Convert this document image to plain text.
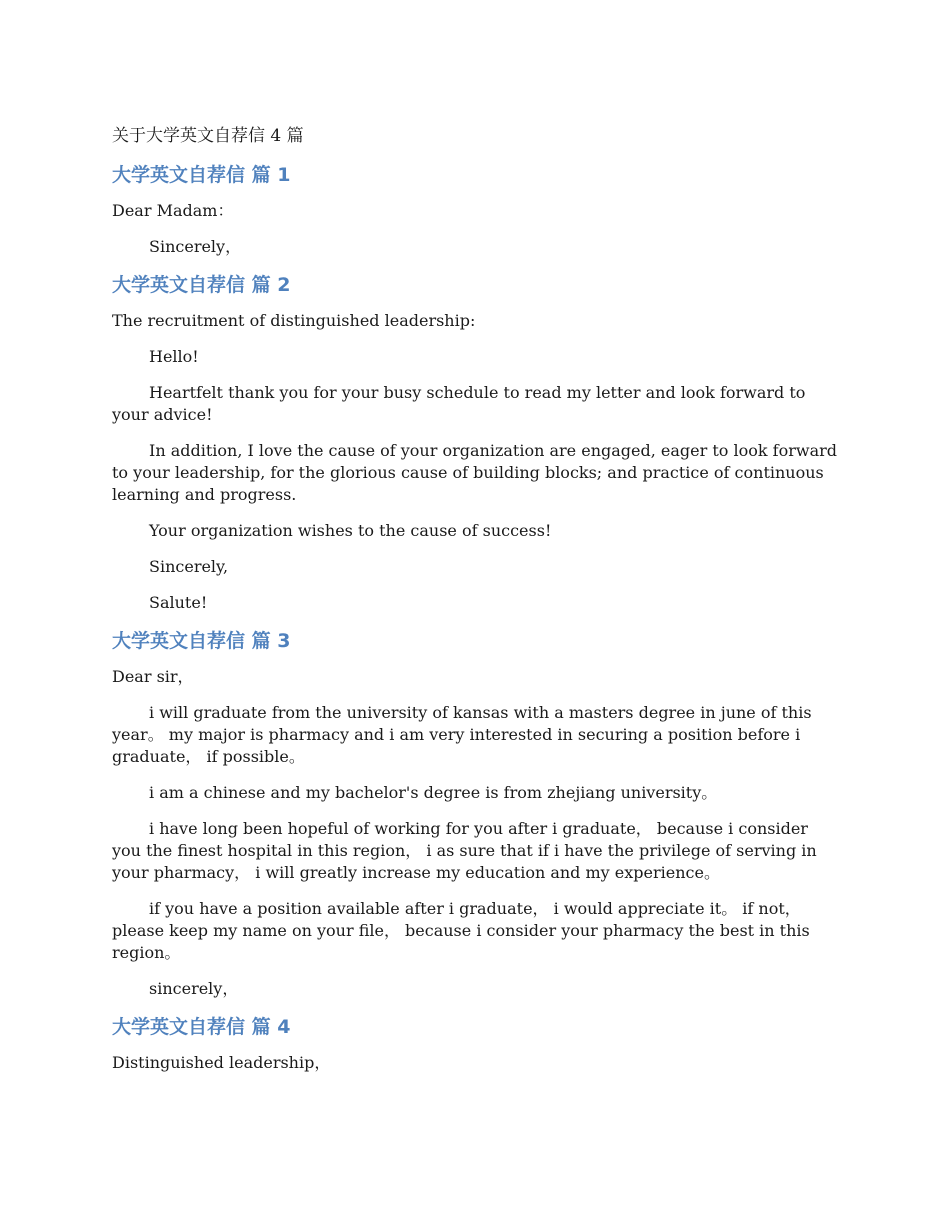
关于大学英文自荐信 4 篇
大学英文自荐信 篇 1

Dear Madam：

Sincerely，

大学英文自荐信 篇 2

The recruitment of distinguished leadership:

Hello!

Heartfelt thank you for your busy schedule to read my letter and look forward to your advice!

In addition, I love the cause of your organization are engaged, eager to look forward to your leadership, for the glorious cause of building blocks; and practice of continuous learning and progress.

Your organization wishes to the cause of success!

Sincerely,

Salute!

大学英文自荐信 篇 3

Dear sir，

i will graduate from the university of kansas with a masters degree in june of this year。 my major is pharmacy and i am very interested in securing a position before i graduate， if possible。

i am a chinese and my bachelor's degree is from zhejiang university。

i have long been hopeful of working for you after i graduate， because i consider you the finest hospital in this region， i as sure that if i have the privilege of serving in your pharmacy， i will greatly increase my education and my experience。

if you have a position available after i graduate， i would appreciate it。 if not，please keep my name on your file， because i consider your pharmacy the best in this region。

sincerely，

大学英文自荐信 篇 4

Distinguished leadership，
